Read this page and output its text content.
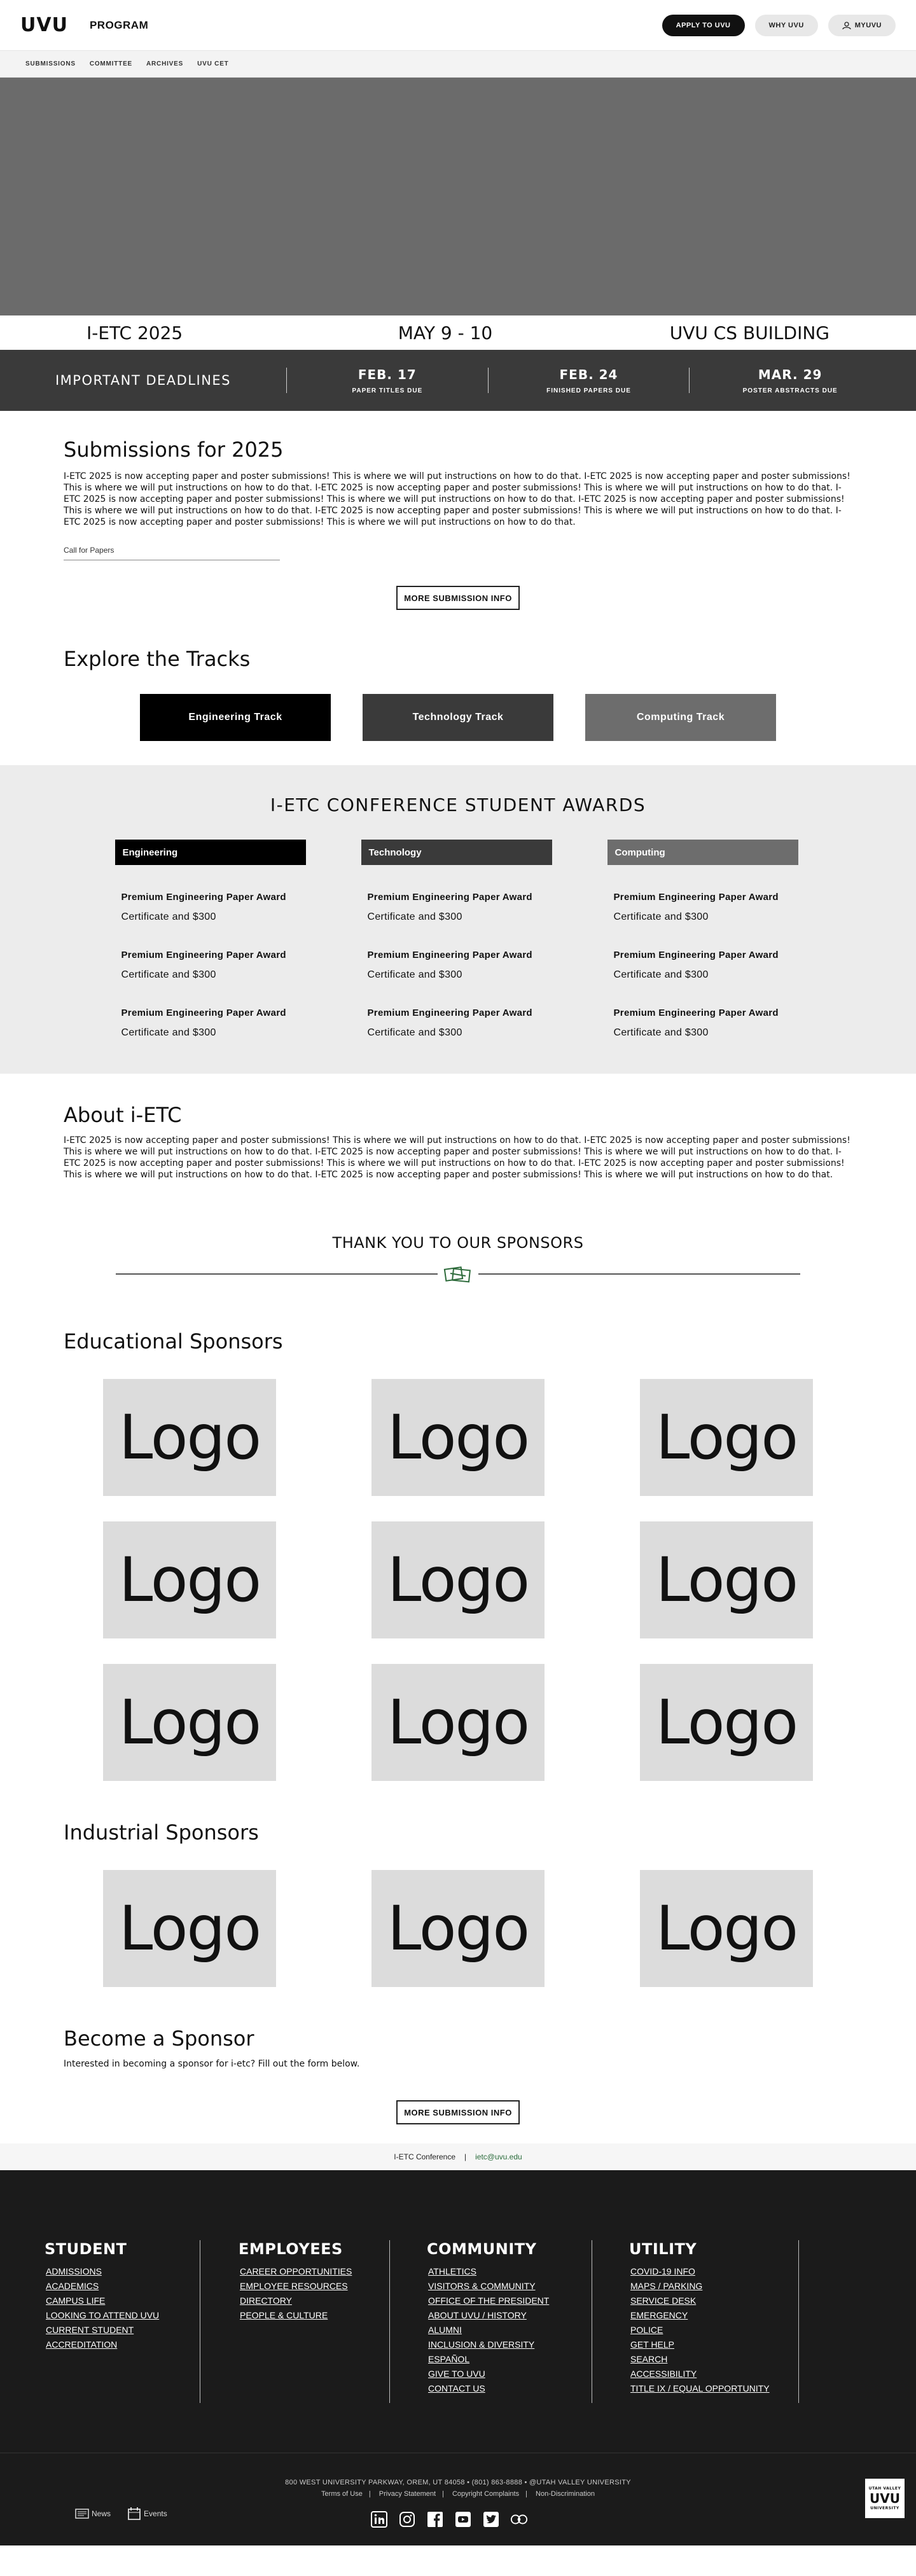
UVU PROGRAM	APPLY TO UVU	WHY UVU	MYUVU
SUBMISSIONS COMMITTEE ARCHIVES UVU CET
I-ETC 2025	MAY 9 - 10	UVU CS BUILDING
IMPORTANT DEADLINES	FEB. 17
PAPER TITLES DUE
FEB. 24
FINISHED PAPERS DUE
MAR. 29
POSTER ABSTRACTS DUE
Submissions for 2025

I-ETC 2025 is now accepting paper and poster submissions! This is where we will put instructions on how to do that. I-ETC 2025 is now accepting paper and poster submissions! This is where we will put instructions on how to do that. I-ETC 2025 is now accepting paper and poster submissions! This is where we will put instructions on how to do that. I-ETC 2025 is now accepting paper and poster submissions! This is where we will put instructions on how to do that. I-ETC 2025 is now accepting paper and poster submissions! This is where we will put instructions on how to do that. I-ETC 2025 is now accepting paper and poster submissions! This is where we will put instructions on how to do that. I-ETC 2025 is now accepting paper and poster submissions! This is where we will put instructions on how to do that.

Call for Papers
MORE SUBMISSION INFO
Explore the Tracks
Engineering Track	Technology Track	Computing Track
I-ETC CONFERENCE STUDENT AWARDS
Engineering
Premium Engineering Paper Award
Certificate and $300
Premium Engineering Paper Award
Certificate and $300
Premium Engineering Paper Award
Certificate and $300
Technology
Premium Engineering Paper Award
Certificate and $300
Premium Engineering Paper Award
Certificate and $300
Premium Engineering Paper Award
Certificate and $300
Computing
Premium Engineering Paper Award
Certificate and $300
Premium Engineering Paper Award
Certificate and $300
Premium Engineering Paper Award
Certificate and $300
About i-ETC

I-ETC 2025 is now accepting paper and poster submissions! This is where we will put instructions on how to do that. I-ETC 2025 is now accepting paper and poster submissions! This is where we will put instructions on how to do that. I-ETC 2025 is now accepting paper and poster submissions! This is where we will put instructions on how to do that. I-ETC 2025 is now accepting paper and poster submissions! This is where we will put instructions on how to do that. I-ETC 2025 is now accepting paper and poster submissions! This is where we will put instructions on how to do that. I-ETC 2025 is now accepting paper and poster submissions! This is where we will put instructions on how to do that.

THANK YOU TO OUR SPONSORS
Educational Sponsors
Logo Logo Logo
Logo Logo Logo
Logo Logo Logo
Industrial Sponsors
Logo Logo Logo
Become a Sponsor

Interested in becoming a sponsor for i-etc? Fill out the form below.

MORE SUBMISSION INFO
I-ETC Conference | ietc@uvu.edu
STUDENT
ADMISSIONS
ACADEMICS
CAMPUS LIFE
LOOKING TO ATTEND UVU
CURRENT STUDENT
ACCREDITATION
EMPLOYEES
CAREER OPPORTUNITIES
EMPLOYEE RESOURCES
DIRECTORY
PEOPLE & CULTURE
COMMUNITY
ATHLETICS
VISITORS & COMMUNITY
OFFICE OF THE PRESIDENT
ABOUT UVU / HISTORY
ALUMNI
INCLUSION & DIVERSITY
ESPAÑOL
GIVE TO UVU
CONTACT US
UTILITY
COVID-19 INFO
MAPS / PARKING
SERVICE DESK
EMERGENCY
POLICE
GET HELP
SEARCH
ACCESSIBILITY
TITLE IX / EQUAL OPPORTUNITY
800 WEST UNIVERSITY PARKWAY, OREM, UT 84058 • (801) 863-8888 • @UTAH VALLEY UNIVERSITY
Terms of Use | Privacy Statement | Copyright Complaints | Non-Discrimination
News	Events
UTAH VALLEY
UVU
UNIVERSITY
